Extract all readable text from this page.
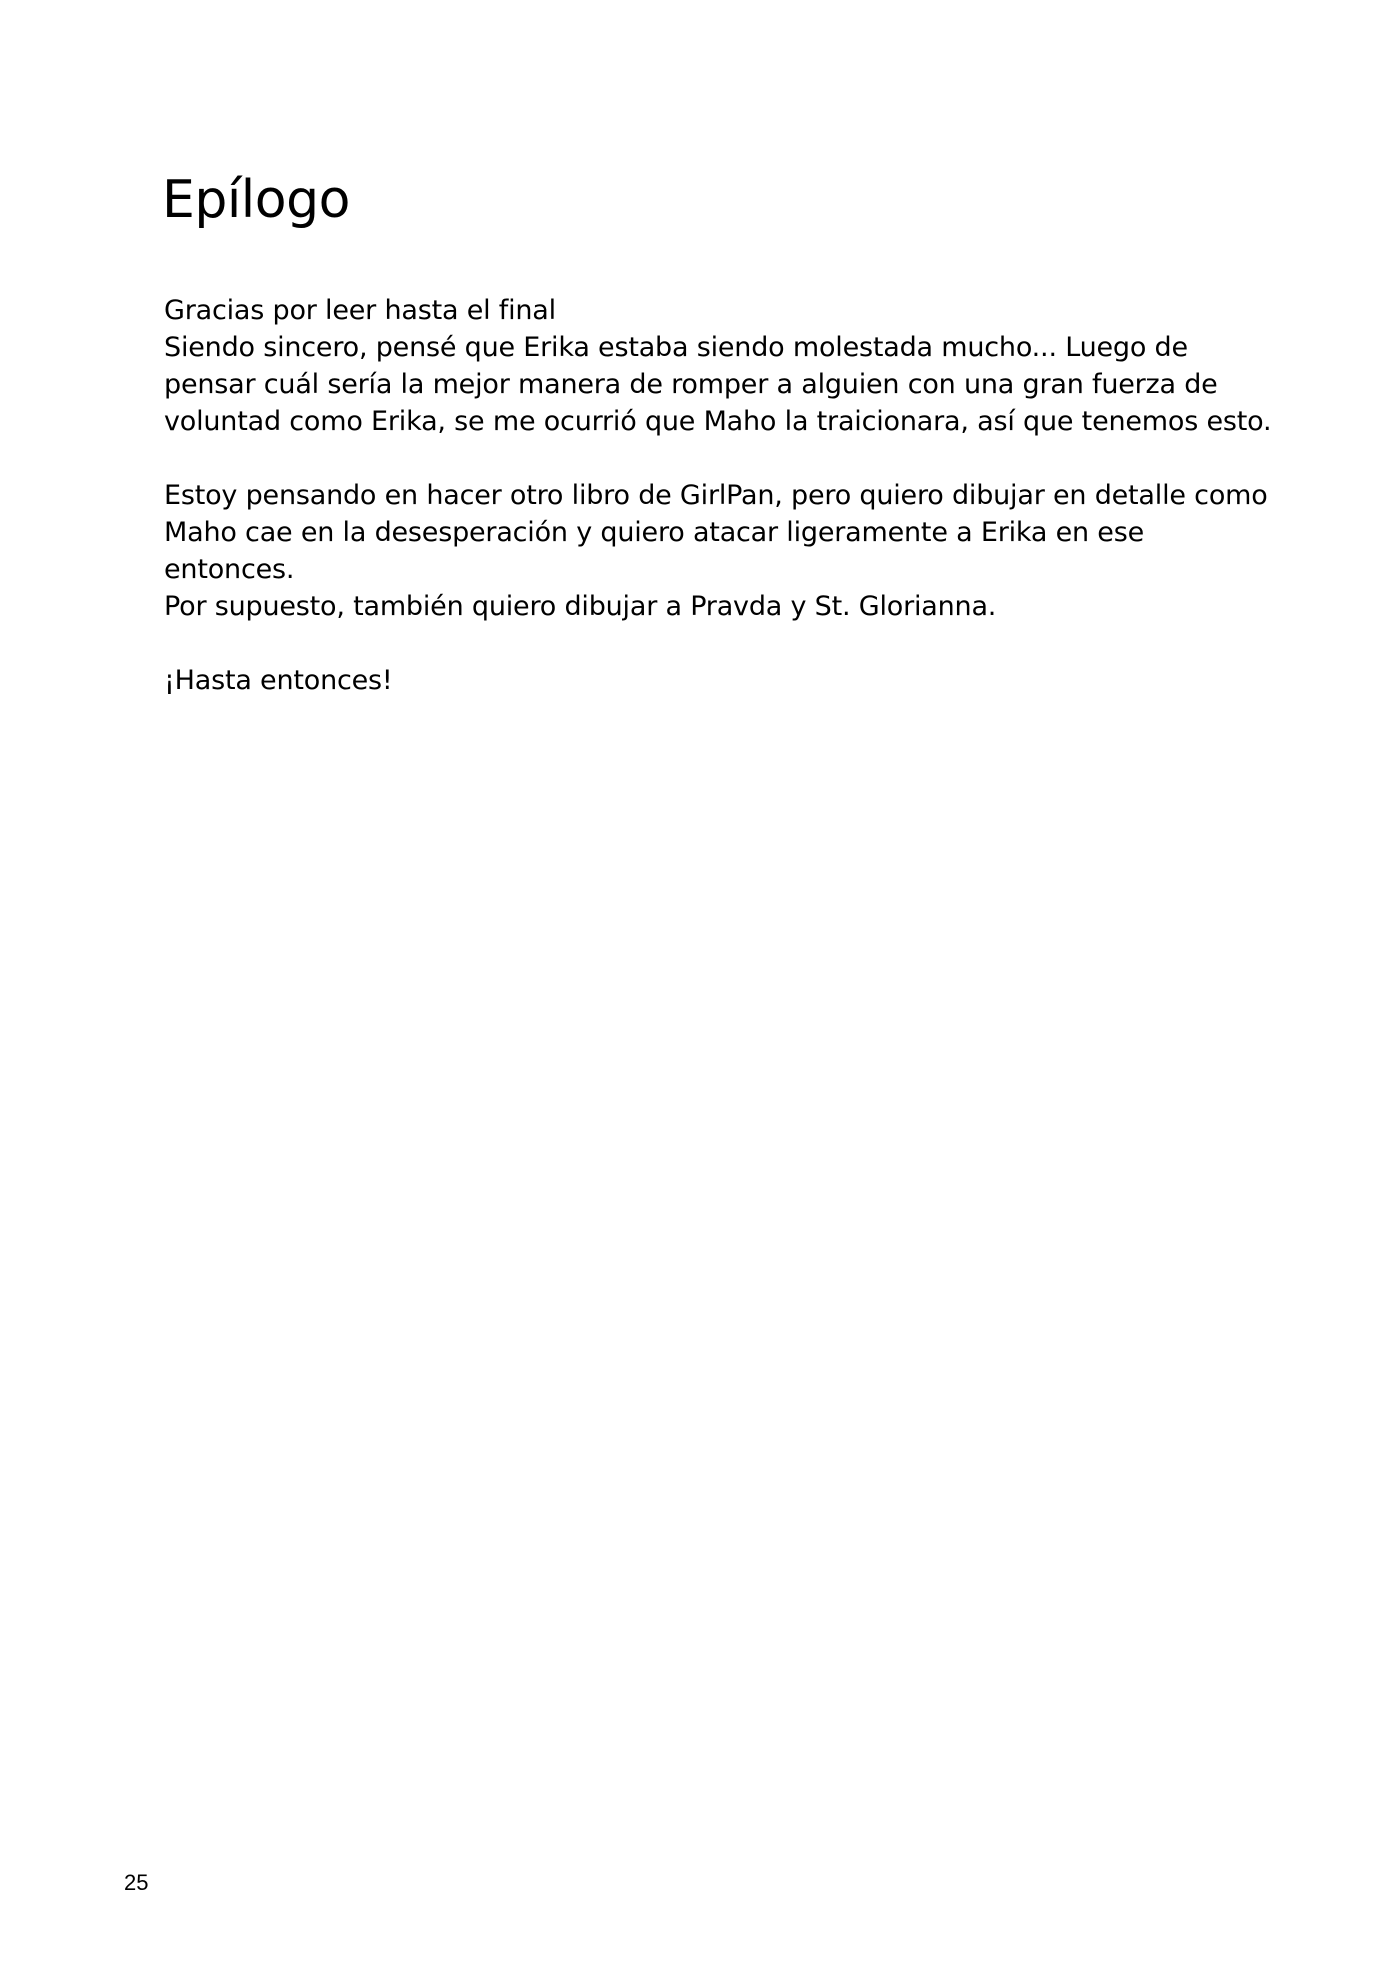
Epílogo

Gracias por leer hasta el final
Siendo sincero, pensé que Erika estaba siendo molestada mucho... Luego de
pensar cuál sería la mejor manera de romper a alguien con una gran fuerza de
voluntad como Erika, se me ocurrió que Maho la traicionara, así que tenemos esto.

Estoy pensando en hacer otro libro de GirlPan, pero quiero dibujar en detalle como
Maho cae en la desesperación y quiero atacar ligeramente a Erika en ese
entonces.
Por supuesto, también quiero dibujar a Pravda y St. Glorianna.

¡Hasta entonces!

25
